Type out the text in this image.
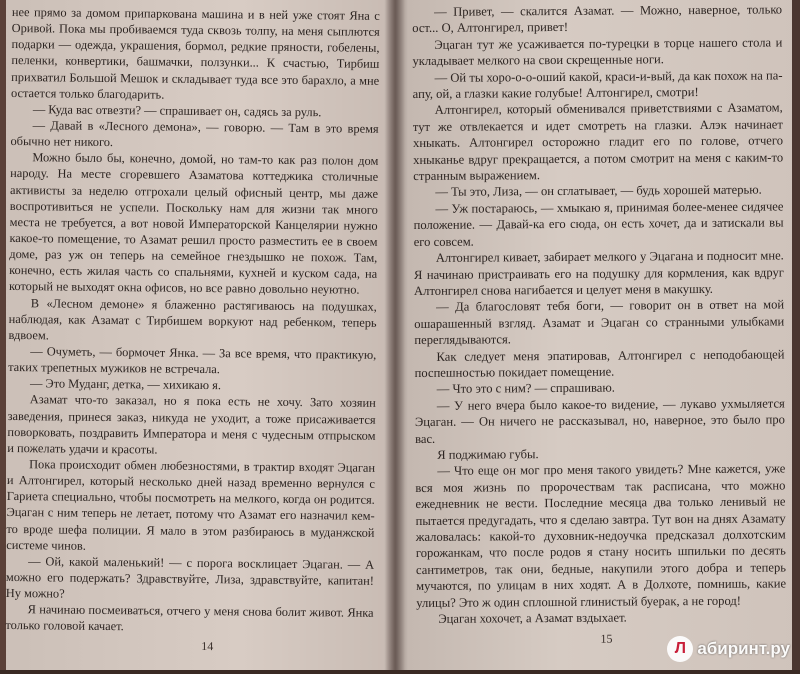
нее прямо за домом припаркована машина и в ней уже стоят Яна с Оривой. Пока мы пробиваемся туда сквозь толпу, на меня сыплются подарки — одежда, украшения, бормол, редкие пряности, гобелены, пеленки, конвертики, башмачки, ползунки... К счастью, Тирбиш прихватил Большой Мешок и складывает туда все это барахло, а мне остается только благодарить.

— Куда вас отвезти? — спрашивает он, садясь за руль.

— Давай в «Лесного демона», — говорю. — Там в это время обычно нет никого.

Можно было бы, конечно, домой, но там-то как раз полон дом народу. На месте сгоревшего Азаматова коттеджика столичные активисты за неделю отгрохали целый офисный центр, мы даже воспротивиться не успели. Поскольку нам для жизни так много места не требуется, а вот новой Императорской Канцелярии нужно какое-то помещение, то Азамат решил просто разместить ее в своем доме, раз уж он теперь на семейное гнездышко не похож. Там, конечно, есть жилая часть со спальнями, кухней и куском сада, на который не выходят окна офисов, но все равно довольно неуютно.

В «Лесном демоне» я блаженно растягиваюсь на подушках, наблюдая, как Азамат с Тирбишем воркуют над ребенком, теперь вдвоем.

— Очуметь, — бормочет Янка. — За все время, что практикую, таких трепетных мужиков не встречала.

— Это Муданг, детка, — хихикаю я.

Азамат что-то заказал, но я пока есть не хочу. Зато хозяин заведения, принеся заказ, никуда не уходит, а тоже присаживается поворковать, поздравить Императора и меня с чудесным отпрыском и пожелать удачи и красоты.

Пока происходит обмен любезностями, в трактир входят Эцаган и Алтонгирел, который несколько дней назад временно вернулся с Гариета специально, чтобы посмотреть на мелкого, когда он родится. Эцаган с ним теперь не летает, потому что Азамат его назначил кем-то вроде шефа полиции. Я мало в этом разбираюсь в муданжской системе чинов.

— Ой, какой маленький! — с порога восклицает Эцаган. — А можно его подержать? Здравствуйте, Лиза, здравствуйте, капитан! Ну можно?

Я начинаю посмеиваться, отчего у меня снова болит живот. Янка только головой качает.

14

— Привет, — скалится Азамат. — Можно, наверное, только ост... О, Алтонгирел, привет!

Эцаган тут же усаживается по-турецки в торце нашего стола и укладывает мелкого на свои скрещенные ноги.

— Ой ты хоро-о-о-оший какой, краси-и-вый, да как похож на па-апу, ой, а глазки какие голубые! Алтонгирел, смотри!

Алтонгирел, который обменивался приветствиями с Азаматом, тут же отвлекается и идет смотреть на глазки. Алэк начинает хныкать. Алтонгирел осторожно гладит его по голове, отчего хныканье вдруг прекращается, а потом смотрит на меня с каким-то странным выражением.

— Ты это, Лиза, — он сглатывает, — будь хорошей матерью.

— Уж постараюсь, — хмыкаю я, принимая более-менее сидячее положение. — Давай-ка его сюда, он есть хочет, да и затискали вы его совсем.

Алтонгирел кивает, забирает мелкого у Эцагана и подносит мне. Я начинаю пристраивать его на подушку для кормления, как вдруг Алтонгирел снова нагибается и целует меня в макушку.

— Да благословят тебя боги, — говорит он в ответ на мой ошарашенный взгляд. Азамат и Эцаган со странными улыбками переглядываются.

Как следует меня эпатировав, Алтонгирел с неподобающей поспешностью покидает помещение.

— Что это с ним? — спрашиваю.

— У него вчера было какое-то видение, — лукаво ухмыляется Эцаган. — Он ничего не рассказывал, но, наверное, это было про вас.

Я поджимаю губы.

— Что еще он мог про меня такого увидеть? Мне кажется, уже вся моя жизнь по пророчествам так расписана, что можно ежедневник не вести. Последние месяца два только ленивый не пытается предугадать, что я сделаю завтра. Тут вон на днях Азамату жаловалась: какой-то духовник-недоучка предсказал долхотским горожанкам, что после родов я стану носить шпильки по десять сантиметров, так они, бедные, накупили этого добра и теперь мучаются, по улицам в них ходят. А в Долхоте, помнишь, какие улицы? Это ж один сплошной глинистый буерак, а не город!

Эцаган хохочет, а Азамат вздыхает.

15
Л абиринт.ру
